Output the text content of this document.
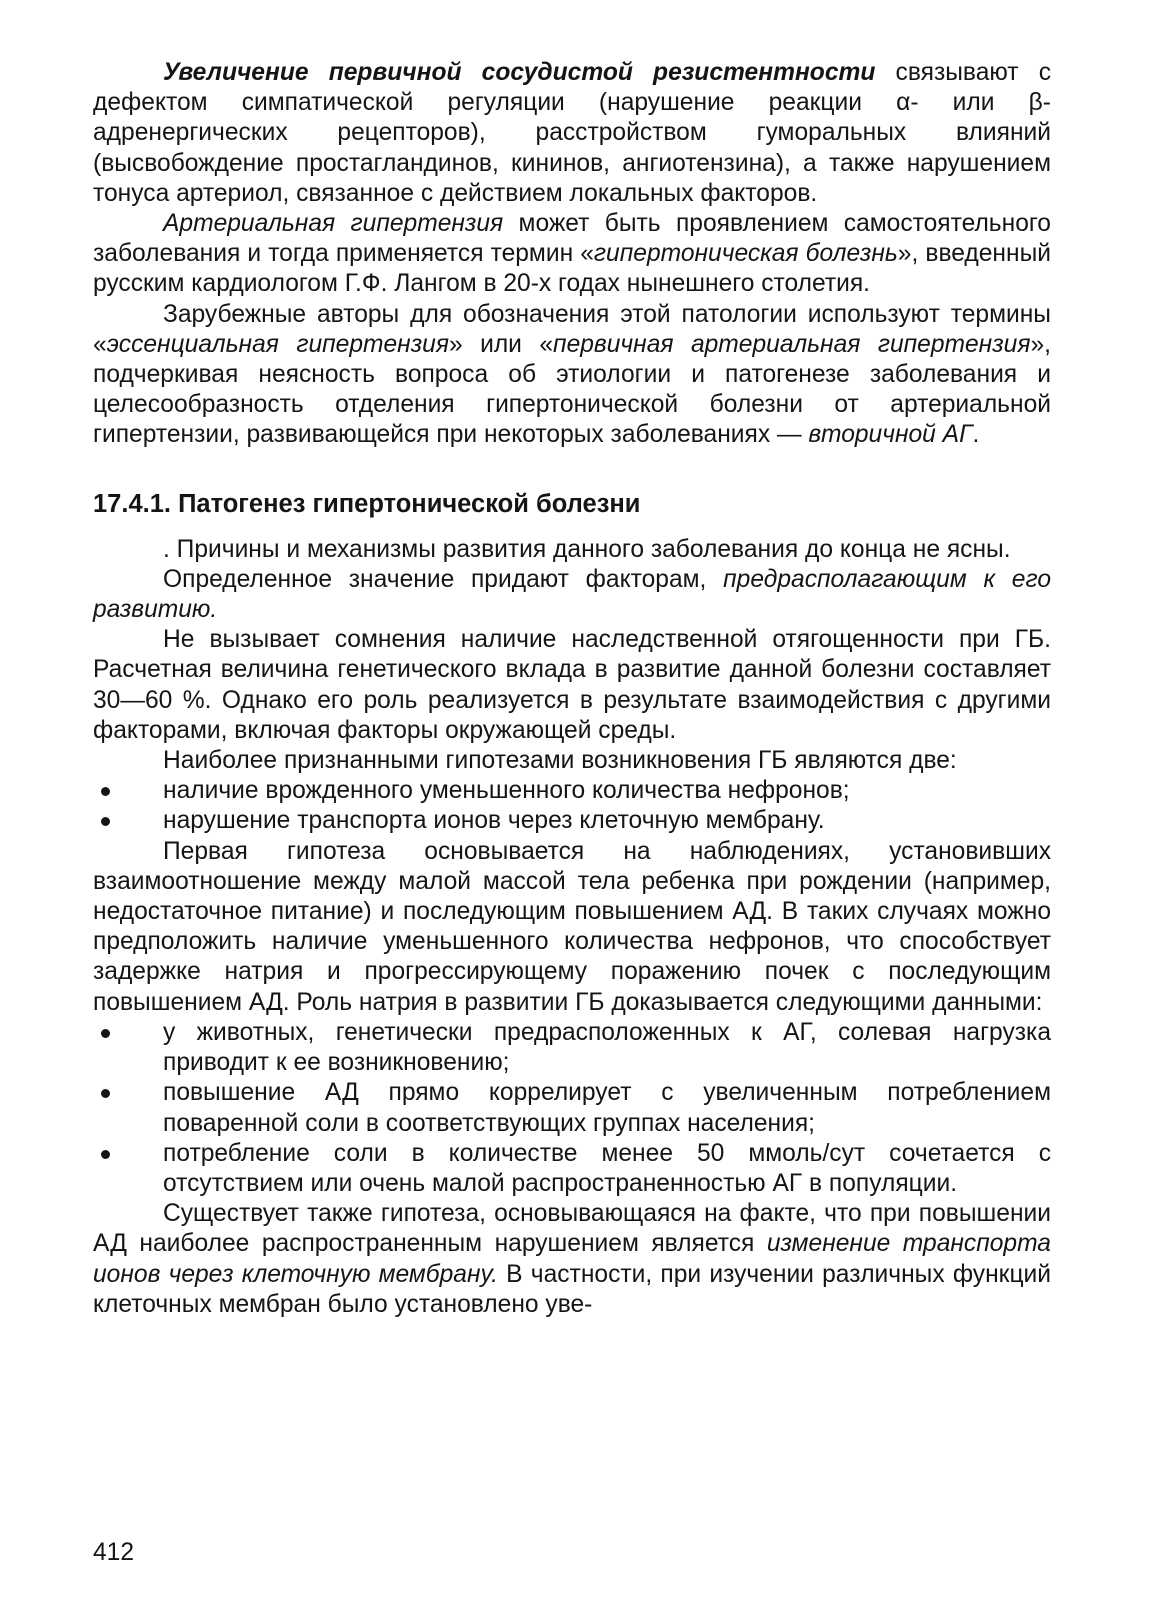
Увеличение первичной сосудистой резистентности связывают с дефектом симпатической регуляции (нарушение реакции α- или β-адренергических рецепторов), расстройством гуморальных влияний (высвобождение простагландинов, кининов, ангиотензина), а также нарушением тонуса артериол, связанное с действием локальных факторов.

Артериальная гипертензия может быть проявлением самостоятельного заболевания и тогда применяется термин «гипертоническая болезнь», введенный русским кардиологом Г.Ф. Лангом в 20-х годах нынешнего столетия.

Зарубежные авторы для обозначения этой патологии используют термины «эссенциальная гипертензия» или «первичная артериальная гипертензия», подчеркивая неясность вопроса об этиологии и патогенезе заболевания и целесообразность отделения гипертонической болезни от артериальной гипертензии, развивающейся при некоторых заболеваниях — вторичной АГ.

17.4.1. Патогенез гипертонической болезни

. Причины и механизмы развития данного заболевания до конца не ясны.

Определенное значение придают факторам, предрасполагающим к его развитию.

Не вызывает сомнения наличие наследственной отягощенности при ГБ. Расчетная величина генетического вклада в развитие данной болезни составляет 30—60 %. Однако его роль реализуется в результате взаимодействия с другими факторами, включая факторы окружающей среды.

Наиболее признанными гипотезами возникновения ГБ являются две:

наличие врожденного уменьшенного количества нефронов;
нарушение транспорта ионов через клеточную мембрану.

Первая гипотеза основывается на наблюдениях, установивших взаимоотношение между малой массой тела ребенка при рождении (например, недостаточное питание) и последующим повышением АД. В таких случаях можно предположить наличие уменьшенного количества нефронов, что способствует задержке натрия и прогрессирующему поражению почек с последующим повышением АД. Роль натрия в развитии ГБ доказывается следующими данными:

у животных, генетически предрасположенных к АГ, солевая нагрузка приводит к ее возникновению;
повышение АД прямо коррелирует с увеличенным потреблением поваренной соли в соответствующих группах населения;
потребление соли в количестве менее 50 ммоль/сут сочетается с отсутствием или очень малой распространенностью АГ в популяции.

Существует также гипотеза, основывающаяся на факте, что при повышении АД наиболее распространенным нарушением является изменение транспорта ионов через клеточную мембрану. В частности, при изучении различных функций клеточных мембран было установлено уве-

412
